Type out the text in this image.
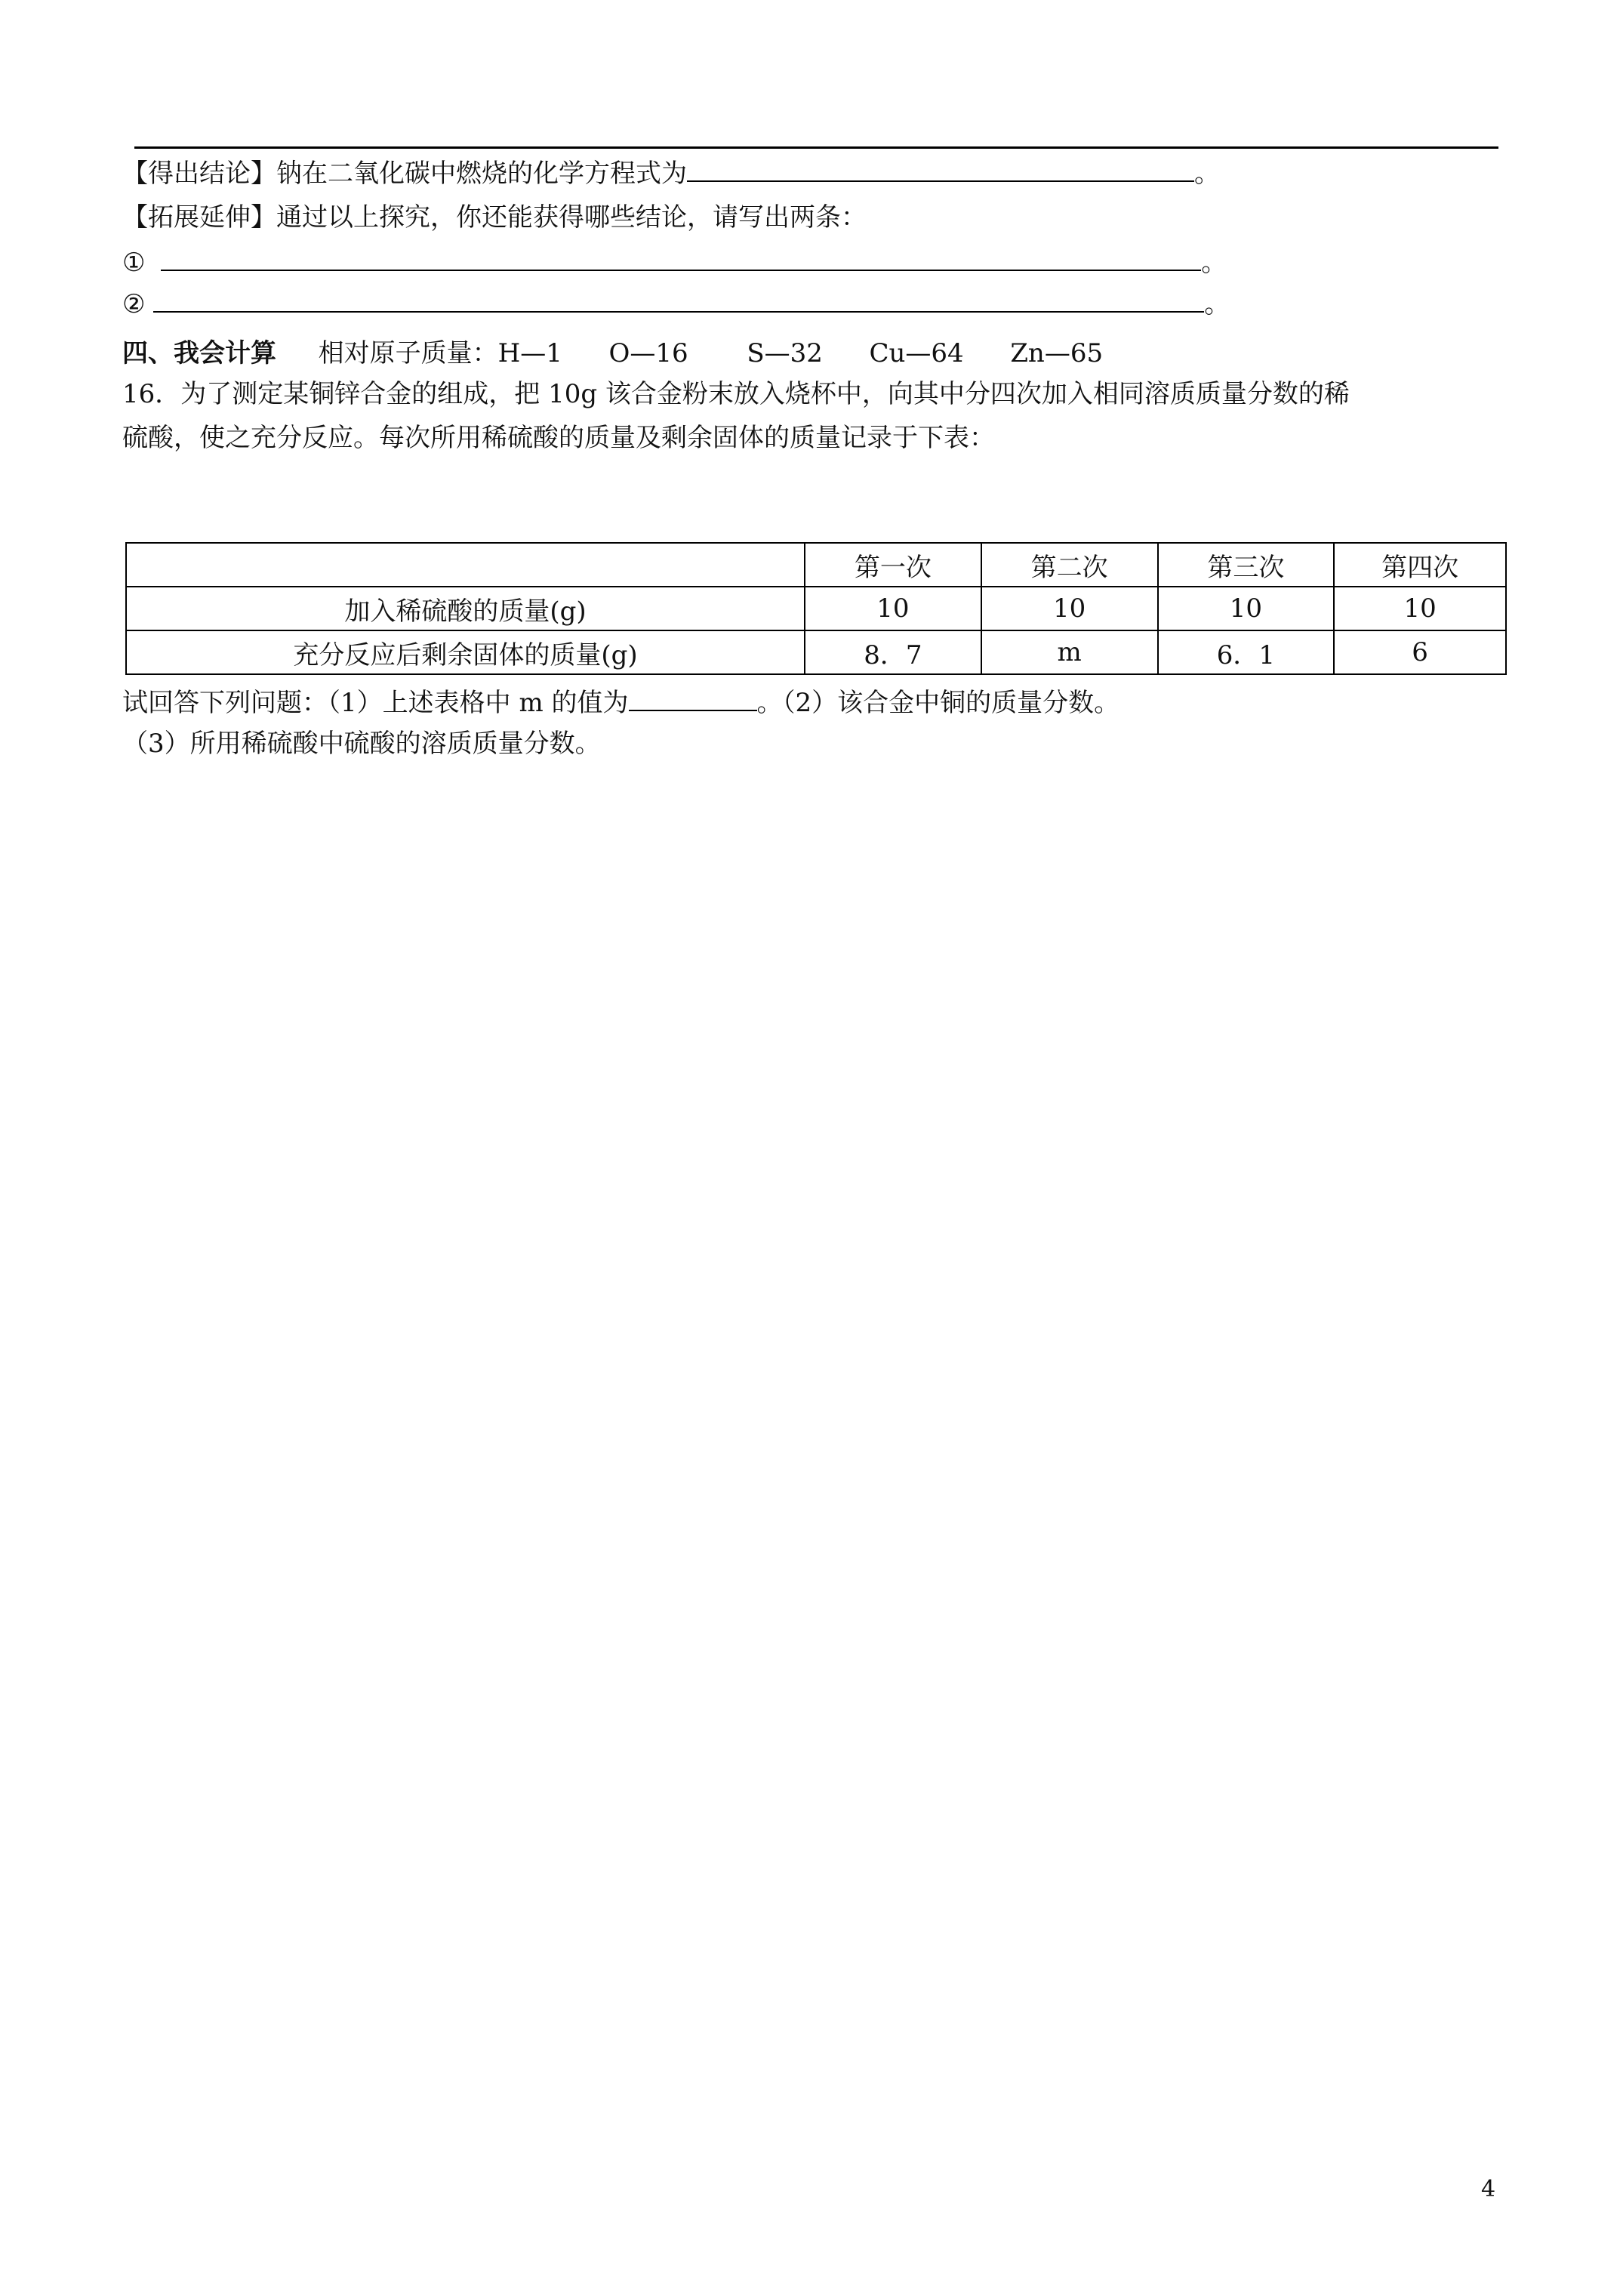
【得出结论】钠在二氧化碳中燃烧的化学方程式为	。
【拓展延伸】通过以上探究，你还能获得哪些结论，请写出两条：
①	。
②	。
四、我会计算 相对原子质量：H—1 O—16 S—32 Cu—64 Zn—65
16．为了测定某铜锌合金的组成，把 10g 该合金粉末放入烧杯中，向其中分四次加入相同溶质质量分数的稀
硫酸，使之充分反应。每次所用稀硫酸的质量及剩余固体的质量记录于下表：
	第一次	第二次	第三次	第四次
加入稀硫酸的质量(g)	10	10	10	10
充分反应后剩余固体的质量(g)	8．7	m	6．1	6
试回答下列问题：（1）上述表格中 m 的值为	。（2）该合金中铜的质量分数。
（3）所用稀硫酸中硫酸的溶质质量分数。
4
